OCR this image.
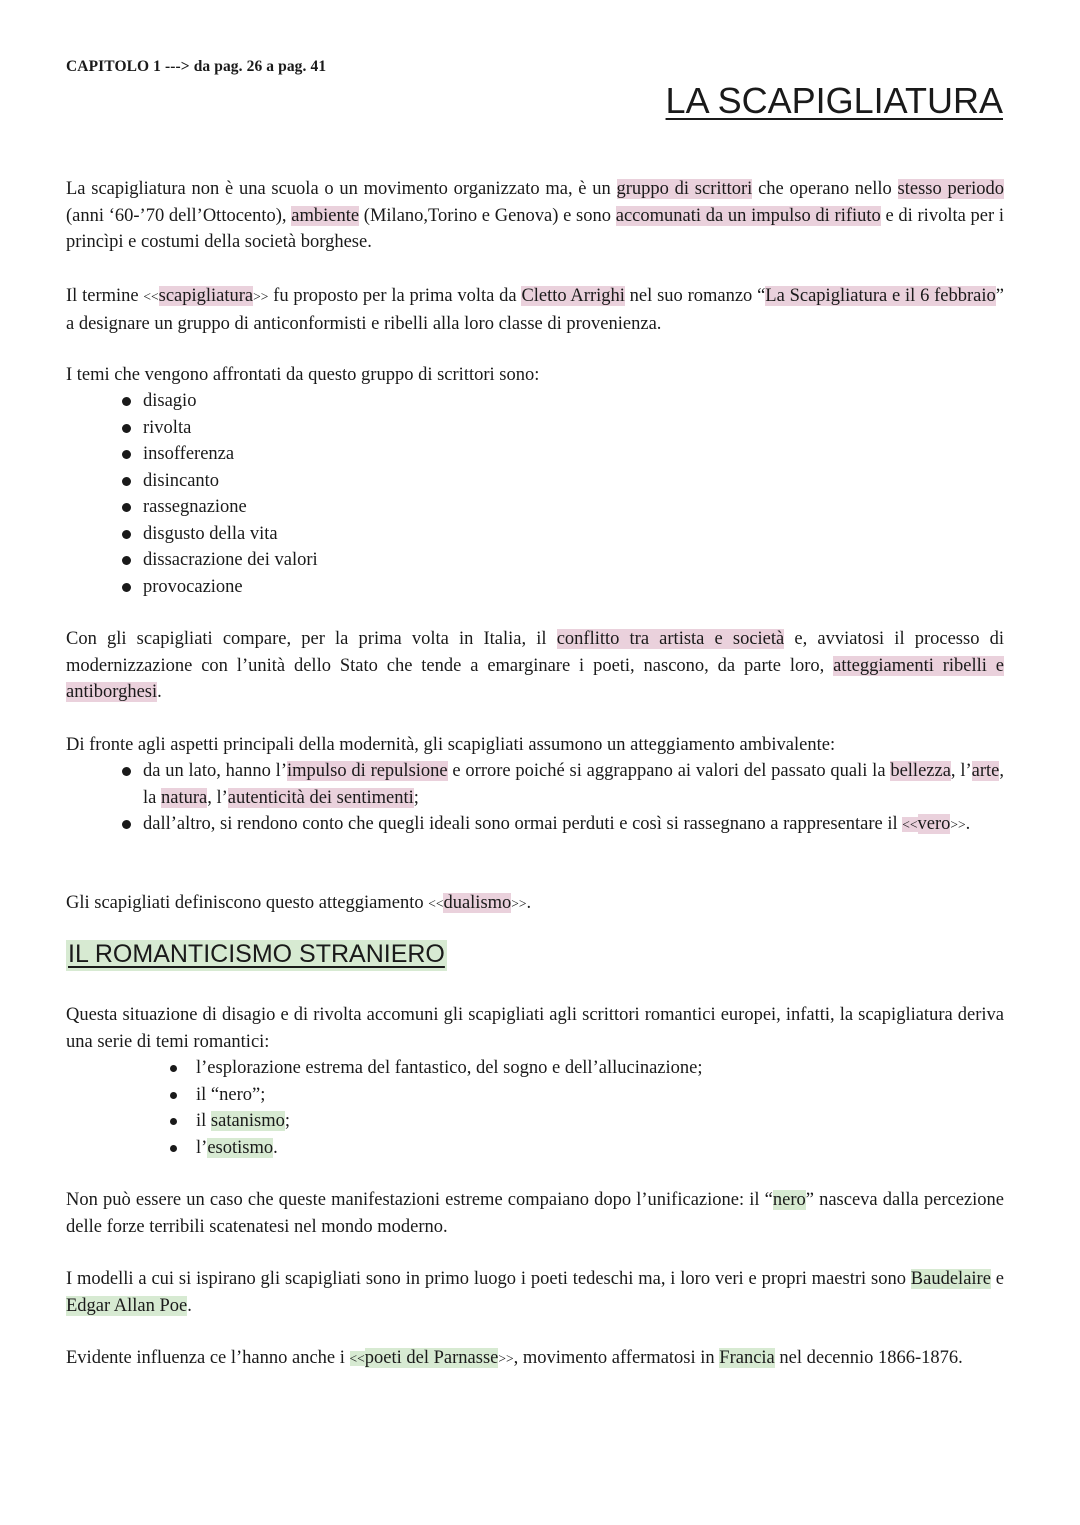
CAPITOLO 1 ---> da pag. 26 a pag. 41
LA SCAPIGLIATURA

La scapigliatura non è una scuola o un movimento organizzato ma, è un gruppo di scrittori che operano nello stesso periodo (anni ‘60-’70 dell’Ottocento), ambiente (Milano,Torino e Genova) e sono accomunati da un impulso di rifiuto e di rivolta per i princìpi e costumi della società borghese.

Il termine <<scapigliatura>> fu proposto per la prima volta da Cletto Arrighi nel suo romanzo “La Scapigliatura e il 6 febbraio” a designare un gruppo di anticonformisti e ribelli alla loro classe di provenienza.

I temi che vengono affrontati da questo gruppo di scrittori sono:

disagio
rivolta
insofferenza
disincanto
rassegnazione
disgusto della vita
dissacrazione dei valori
provocazione

Con gli scapigliati compare, per la prima volta in Italia, il conflitto tra artista e società e, avviatosi il processo di modernizzazione con l’unità dello Stato che tende a emarginare i poeti, nascono, da parte loro, atteggiamenti ribelli e antiborghesi.

Di fronte agli aspetti principali della modernità, gli scapigliati assumono un atteggiamento ambivalente:

da un lato, hanno l’impulso di repulsione e orrore poiché si aggrappano ai valori del passato quali la bellezza, l’arte, la natura, l’autenticità dei sentimenti;
dall’altro, si rendono conto che quegli ideali sono ormai perduti e così si rassegnano a rappresentare il <<vero>>.

Gli scapigliati definiscono questo atteggiamento <<dualismo>>.

IL ROMANTICISMO STRANIERO

Questa situazione di disagio e di rivolta accomuni gli scapigliati agli scrittori romantici europei, infatti, la scapigliatura deriva una serie di temi romantici:

l’esplorazione estrema del fantastico, del sogno e dell’allucinazione;
il “nero”;
il satanismo;
l’esotismo.

Non può essere un caso che queste manifestazioni estreme compaiano dopo l’unificazione: il “nero” nasceva dalla percezione delle forze terribili scatenatesi nel mondo moderno.

I modelli a cui si ispirano gli scapigliati sono in primo luogo i poeti tedeschi ma, i loro veri e propri maestri sono Baudelaire e Edgar Allan Poe.

Evidente influenza ce l’hanno anche i <<poeti del Parnasse>>, movimento affermatosi in Francia nel decennio 1866-1876.
